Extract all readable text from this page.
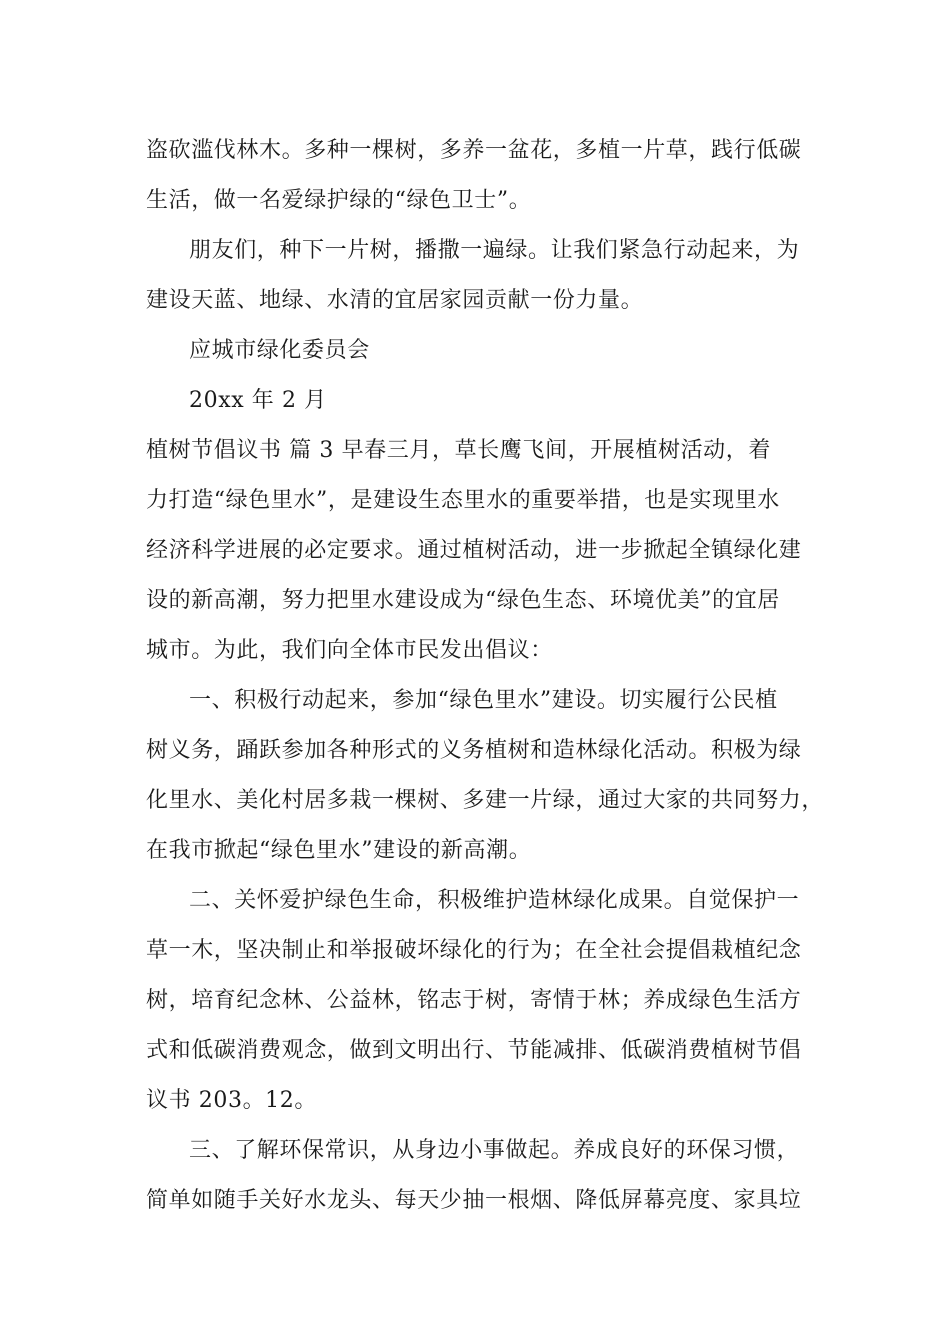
盗砍滥伐林木。多种一棵树，多养一盆花，多植一片草，践行低碳
生活，做一名爱绿护绿的“绿色卫士”。
朋友们，种下一片树，播撒一遍绿。让我们紧急行动起来，为
建设天蓝、地绿、水清的宜居家园贡献一份力量。
应城市绿化委员会
20xx 年 2 月
植树节倡议书 篇 3 早春三月，草长鹰飞间，开展植树活动，着
力打造“绿色里水”，是建设生态里水的重要举措，也是实现里水
经济科学进展的必定要求。通过植树活动，进一步掀起全镇绿化建
设的新高潮，努力把里水建设成为“绿色生态、环境优美”的宜居
城市。为此，我们向全体市民发出倡议：
一、积极行动起来，参加“绿色里水”建设。切实履行公民植
树义务，踊跃参加各种形式的义务植树和造林绿化活动。积极为绿
化里水、美化村居多栽一棵树、多建一片绿，通过大家的共同努力，
在我市掀起“绿色里水”建设的新高潮。
二、关怀爱护绿色生命，积极维护造林绿化成果。自觉保护一
草一木，坚决制止和举报破坏绿化的行为；在全社会提倡栽植纪念
树，培育纪念林、公益林，铭志于树，寄情于林；养成绿色生活方
式和低碳消费观念，做到文明出行、节能减排、低碳消费植树节倡
议书 203。12。
三、了解环保常识，从身边小事做起。养成良好的环保习惯，
简单如随手关好水龙头、每天少抽一根烟、降低屏幕亮度、家具垃
